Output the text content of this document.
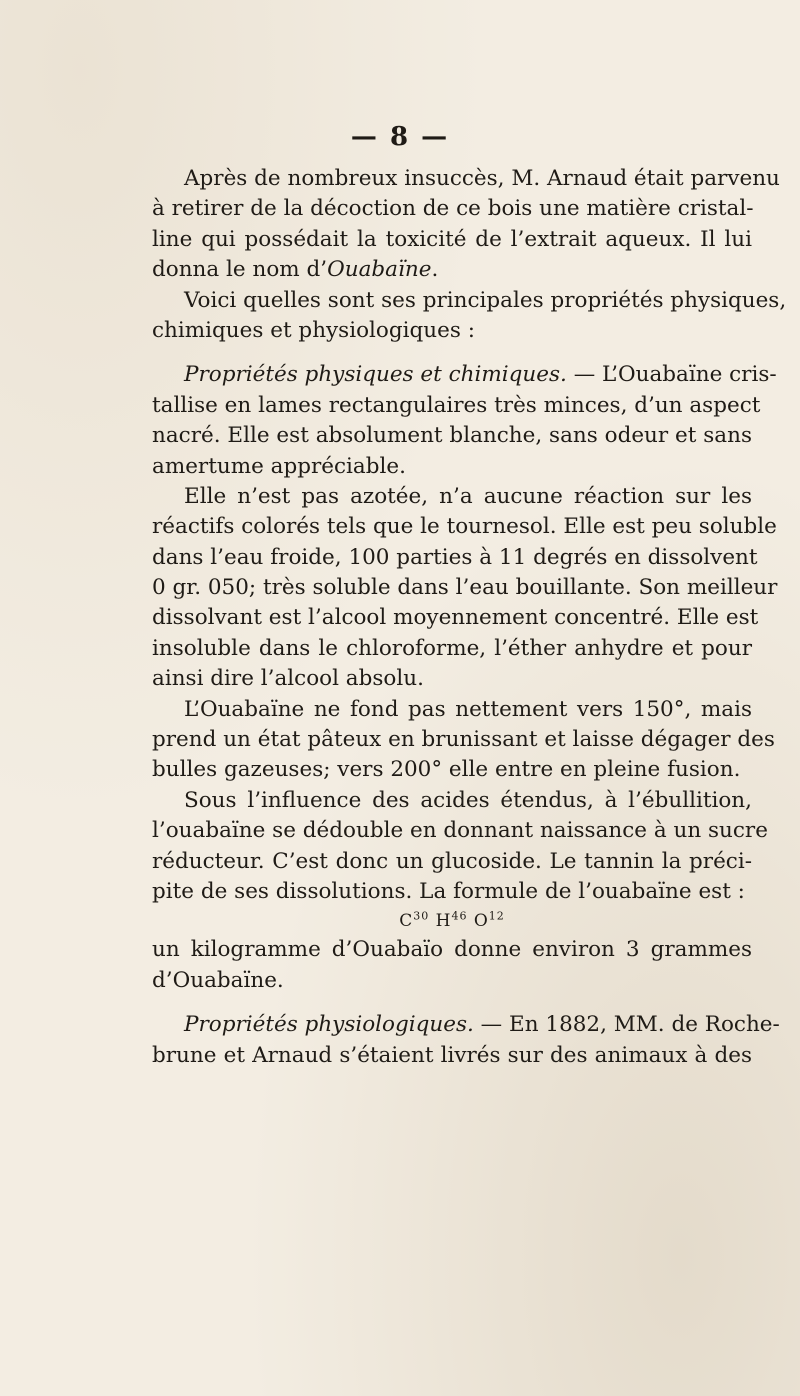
— 8 —
Après de nombreux insuccès, M. Arnaud était parvenu
à retirer de la décoction de ce bois une matière cristal-
line qui possédait la toxicité de l’extrait aqueux. Il lui
donna le nom d’Ouabaïne.
Voici quelles sont ses principales propriétés physiques,
chimiques et physiologiques :
Propriétés physiques et chimiques. — L’Ouabaïne cris-
tallise en lames rectangulaires très minces, d’un aspect
nacré. Elle est absolument blanche, sans odeur et sans
amertume appréciable.
Elle n’est pas azotée, n’a aucune réaction sur les
réactifs colorés tels que le tournesol. Elle est peu soluble
dans l’eau froide, 100 parties à 11 degrés en dissolvent
0 gr. 050; très soluble dans l’eau bouillante. Son meilleur
dissolvant est l’alcool moyennement concentré. Elle est
insoluble dans le chloroforme, l’éther anhydre et pour
ainsi dire l’alcool absolu.
L’Ouabaïne ne fond pas nettement vers 150°, mais
prend un état pâteux en brunissant et laisse dégager des
bulles gazeuses; vers 200° elle entre en pleine fusion.
Sous l’influence des acides étendus, à l’ébullition,
l’ouabaïne se dédouble en donnant naissance à un sucre
réducteur. C’est donc un glucoside. Le tannin la préci-
pite de ses dissolutions. La formule de l’ouabaïne est :
$C^{30}$ $H^{46}$ $O^{12}$
un kilogramme d’Ouabaïo donne environ 3 grammes
d’Ouabaïne.
Propriétés physiologiques. — En 1882, MM. de Roche-
brune et Arnaud s’étaient livrés sur des animaux à des
